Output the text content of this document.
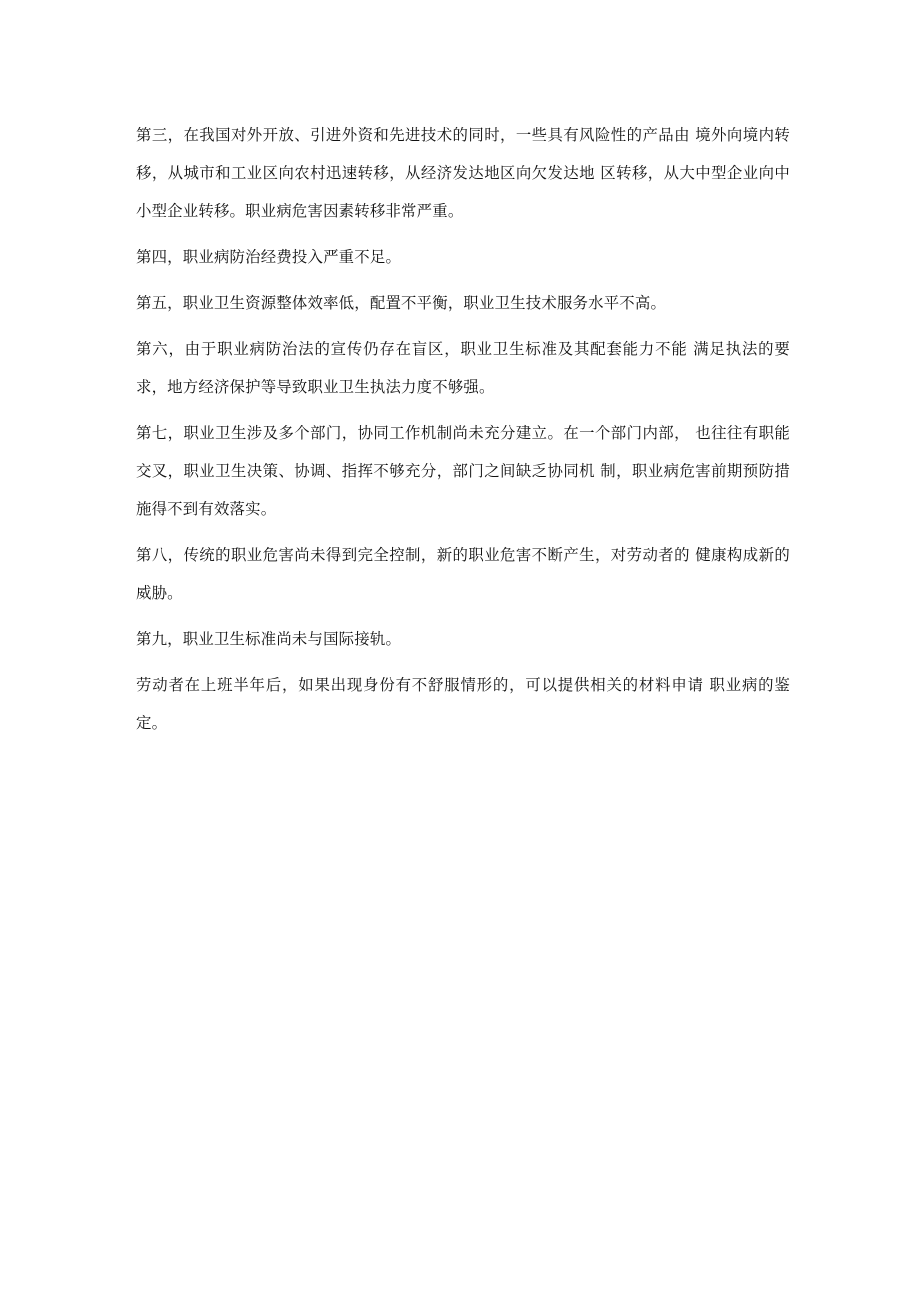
第三，在我国对外开放、引进外资和先进技术的同时，一些具有风险性的产品由 境外向境内转移，从城市和工业区向农村迅速转移，从经济发达地区向欠发达地 区转移，从大中型企业向中小型企业转移。职业病危害因素转移非常严重。

第四，职业病防治经费投入严重不足。

第五，职业卫生资源整体效率低，配置不平衡，职业卫生技术服务水平不高。

第六，由于职业病防治法的宣传仍存在盲区，职业卫生标准及其配套能力不能 满足执法的要求，地方经济保护等导致职业卫生执法力度不够强。

第七，职业卫生涉及多个部门，协同工作机制尚未充分建立。在一个部门内部， 也往往有职能交叉，职业卫生决策、协调、指挥不够充分，部门之间缺乏协同机 制，职业病危害前期预防措施得不到有效落实。

第八，传统的职业危害尚未得到完全控制，新的职业危害不断产生，对劳动者的 健康构成新的威胁。

第九，职业卫生标准尚未与国际接轨。

劳动者在上班半年后，如果出现身份有不舒服情形的，可以提供相关的材料申请 职业病的鉴定。
